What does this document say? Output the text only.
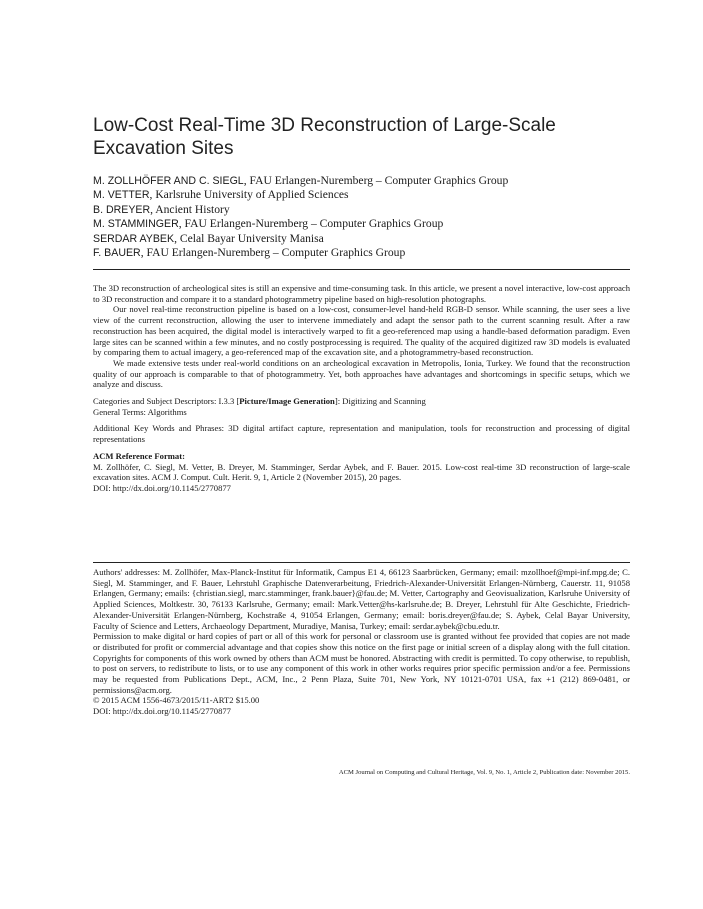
Low-Cost Real-Time 3D Reconstruction of Large-Scale Excavation Sites
M. ZOLLHÖFER AND C. SIEGL, FAU Erlangen-Nuremberg – Computer Graphics Group
M. VETTER, Karlsruhe University of Applied Sciences
B. DREYER, Ancient History
M. STAMMINGER, FAU Erlangen-Nuremberg – Computer Graphics Group
SERDAR AYBEK, Celal Bayar University Manisa
F. BAUER, FAU Erlangen-Nuremberg – Computer Graphics Group

The 3D reconstruction of archeological sites is still an expensive and time-consuming task. In this article, we present a novel interactive, low-cost approach to 3D reconstruction and compare it to a standard photogrammetry pipeline based on high-resolution photographs.

Our novel real-time reconstruction pipeline is based on a low-cost, consumer-level hand-held RGB-D sensor. While scanning, the user sees a live view of the current reconstruction, allowing the user to intervene immediately and adapt the sensor path to the current scanning result. After a raw reconstruction has been acquired, the digital model is interactively warped to fit a geo-referenced map using a handle-based deformation paradigm. Even large sites can be scanned within a few minutes, and no costly postprocessing is required. The quality of the acquired digitized raw 3D models is evaluated by comparing them to actual imagery, a geo-referenced map of the excavation site, and a photogrammetry-based reconstruction.

We made extensive tests under real-world conditions on an archeological excavation in Metropolis, Ionia, Turkey. We found that the reconstruction quality of our approach is comparable to that of photogrammetry. Yet, both approaches have advantages and shortcomings in specific setups, which we analyze and discuss.

Categories and Subject Descriptors: I.3.3 [Picture/Image Generation]: Digitizing and Scanning

General Terms: Algorithms

Additional Key Words and Phrases: 3D digital artifact capture, representation and manipulation, tools for reconstruction and processing of digital representations

ACM Reference Format:

M. Zollhöfer, C. Siegl, M. Vetter, B. Dreyer, M. Stamminger, Serdar Aybek, and F. Bauer. 2015. Low-cost real-time 3D reconstruction of large-scale excavation sites. ACM J. Comput. Cult. Herit. 9, 1, Article 2 (November 2015), 20 pages.

DOI: http://dx.doi.org/10.1145/2770877

Authors' addresses: M. Zollhöfer, Max-Planck-Institut für Informatik, Campus E1 4, 66123 Saarbrücken, Germany; email: mzollhoef@mpi-inf.mpg.de; C. Siegl, M. Stamminger, and F. Bauer, Lehrstuhl Graphische Datenverarbeitung, Friedrich-Alexander-Universität Erlangen-Nürnberg, Cauerstr. 11, 91058 Erlangen, Germany; emails: {christian.siegl, marc.stamminger, frank.bauer}@fau.de; M. Vetter, Cartography and Geovisualization, Karlsruhe University of Applied Sciences, Moltkestr. 30, 76133 Karlsruhe, Germany; email: Mark.Vetter@hs-karlsruhe.de; B. Dreyer, Lehrstuhl für Alte Geschichte, Friedrich-Alexander-Universität Erlangen-Nürnberg, Kochstraße 4, 91054 Erlangen, Germany; email: boris.dreyer@fau.de; S. Aybek, Celal Bayar University, Faculty of Science and Letters, Archaeology Department, Muradiye, Manisa, Turkey; email: serdar.aybek@cbu.edu.tr.

Permission to make digital or hard copies of part or all of this work for personal or classroom use is granted without fee provided that copies are not made or distributed for profit or commercial advantage and that copies show this notice on the first page or initial screen of a display along with the full citation. Copyrights for components of this work owned by others than ACM must be honored. Abstracting with credit is permitted. To copy otherwise, to republish, to post on servers, to redistribute to lists, or to use any component of this work in other works requires prior specific permission and/or a fee. Permissions may be requested from Publications Dept., ACM, Inc., 2 Penn Plaza, Suite 701, New York, NY 10121-0701 USA, fax +1 (212) 869-0481, or permissions@acm.org.

© 2015 ACM 1556-4673/2015/11-ART2 $15.00

DOI: http://dx.doi.org/10.1145/2770877

ACM Journal on Computing and Cultural Heritage, Vol. 9, No. 1, Article 2, Publication date: November 2015.
